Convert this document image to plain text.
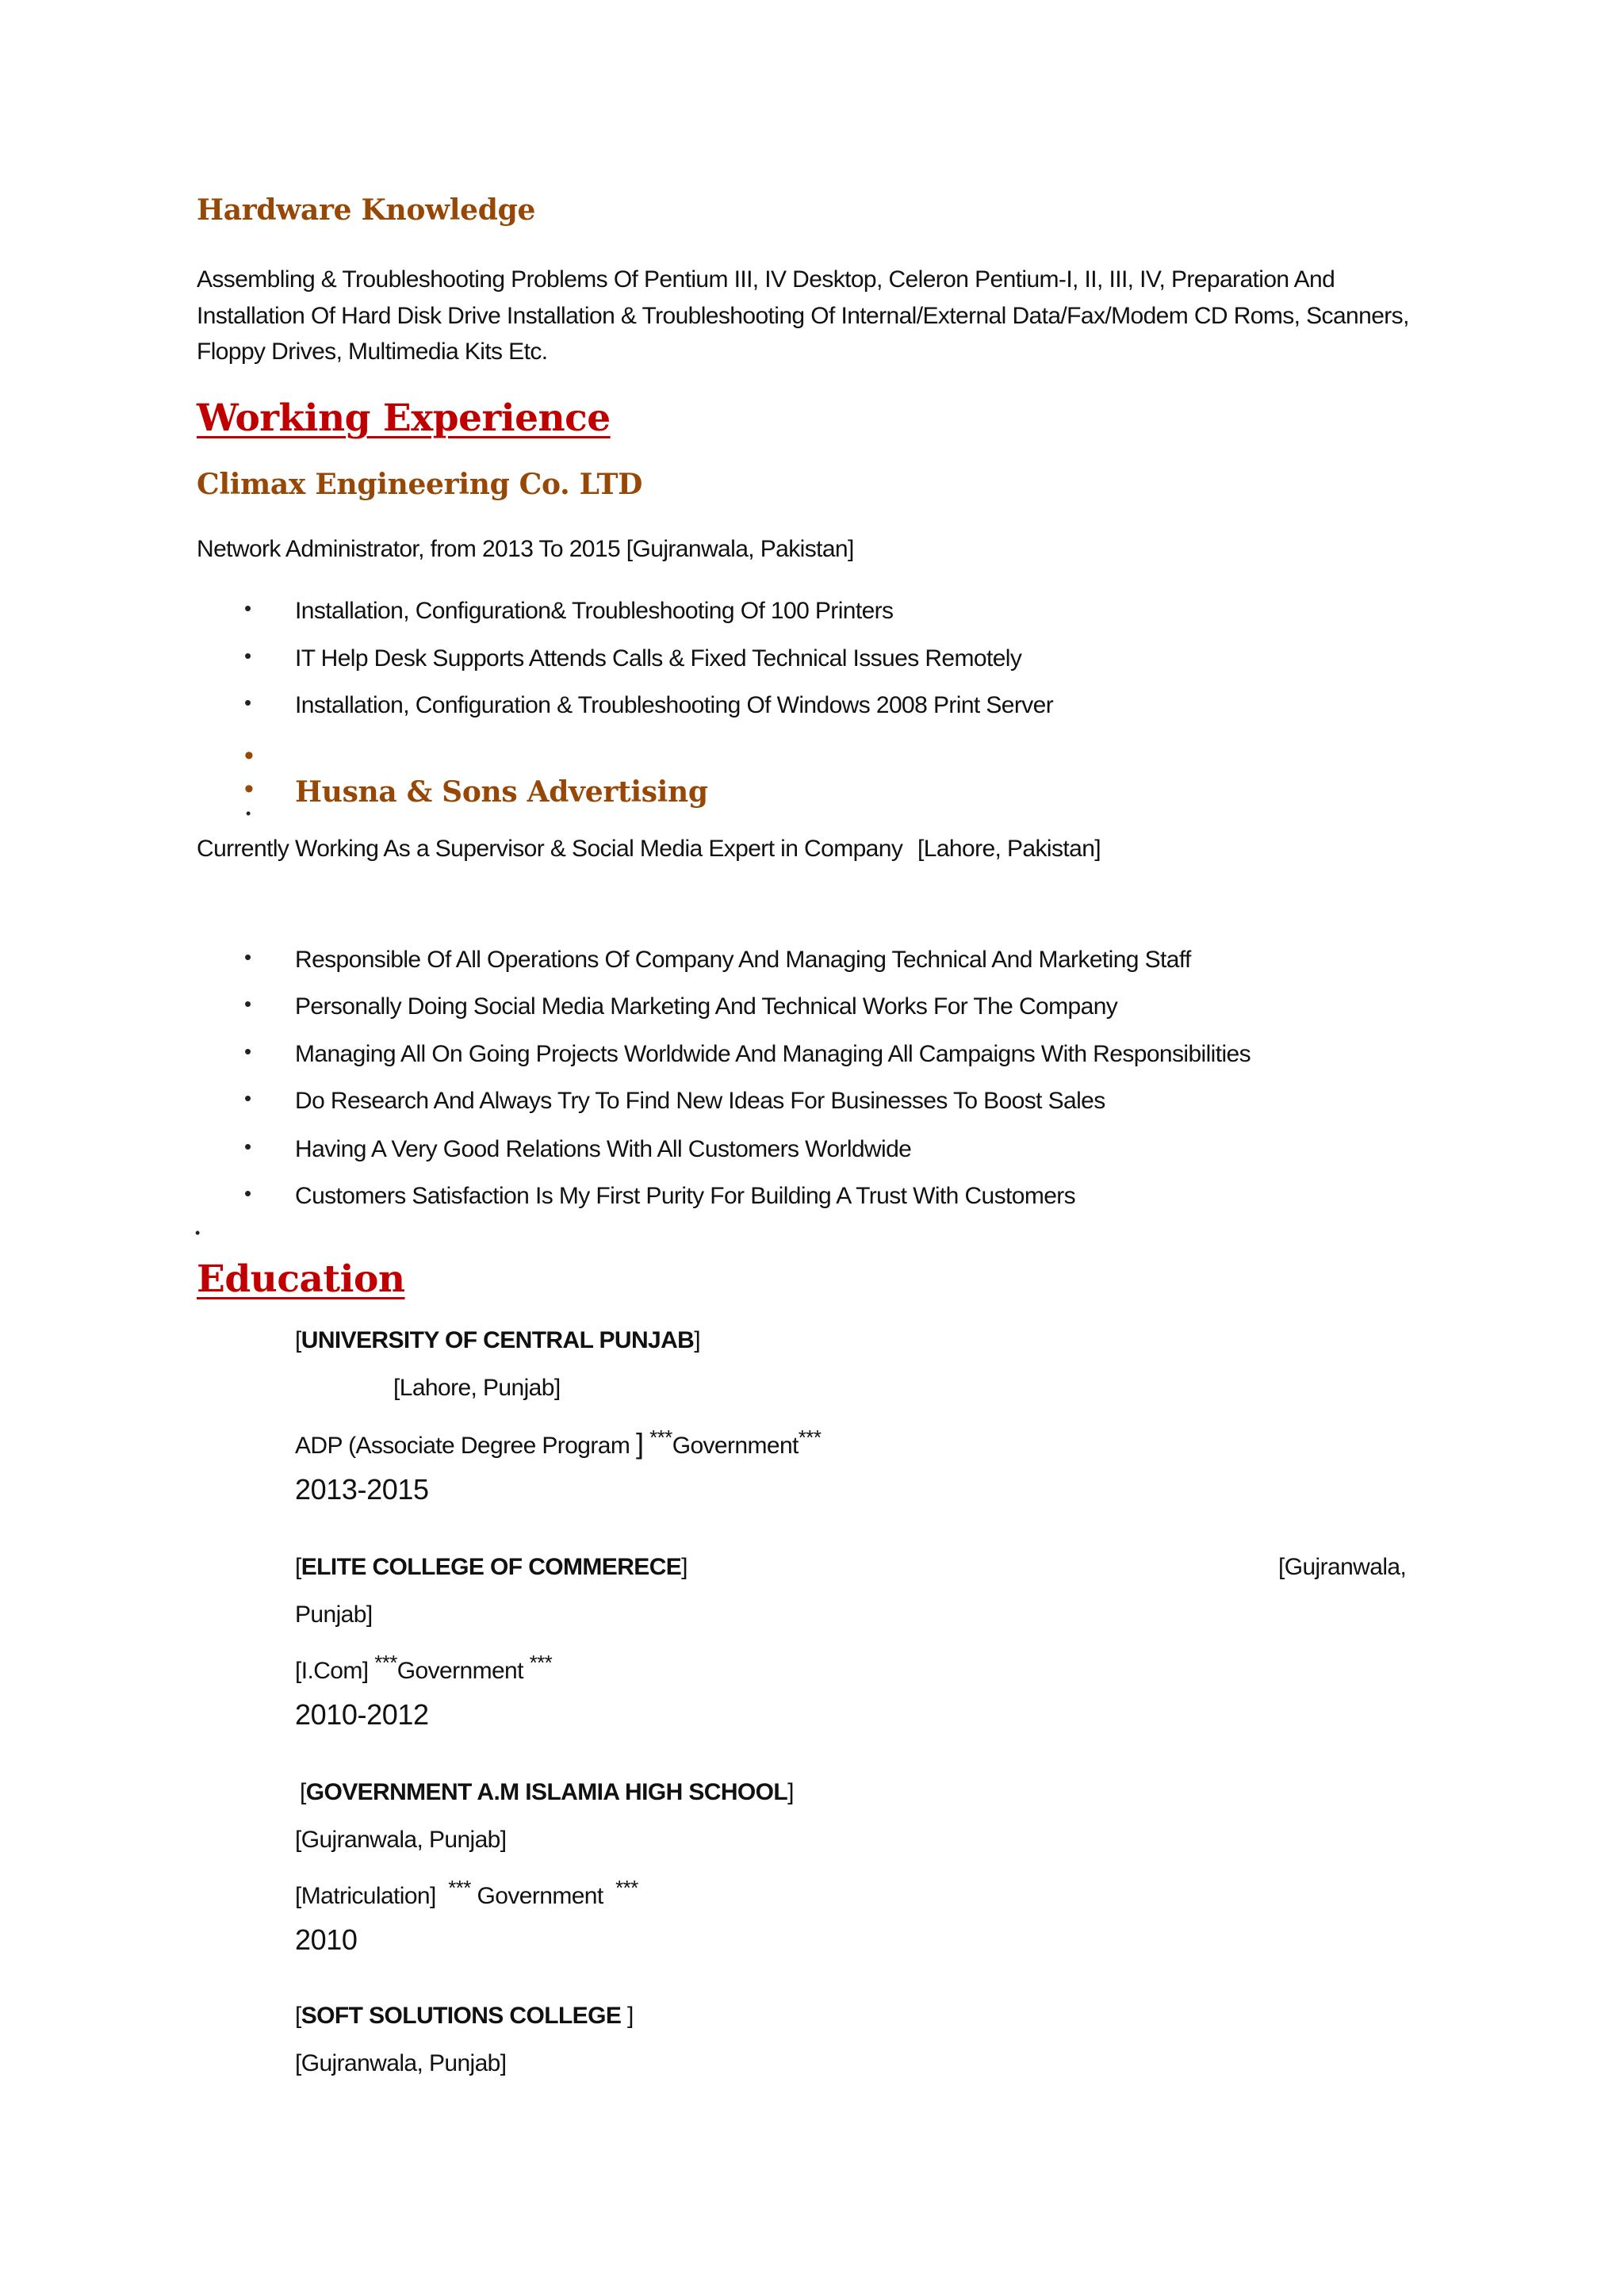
Hardware Knowledge
Assembling & Troubleshooting Problems Of Pentium III, IV Desktop, Celeron Pentium-I, II, III, IV, Preparation And
Installation Of Hard Disk Drive Installation & Troubleshooting Of Internal/External Data/Fax/Modem CD Roms, Scanners,
Floppy Drives, Multimedia Kits Etc.
Working Experience
Climax Engineering Co. LTD
Network Administrator, from 2013 To 2015 [Gujranwala, Pakistan]
• Installation, Configuration& Troubleshooting Of 100 Printers
• IT Help Desk Supports Attends Calls & Fixed Technical Issues Remotely
• Installation, Configuration & Troubleshooting Of Windows 2008 Print Server
•
• Husna & Sons Advertising
•
Currently Working As a Supervisor & Social Media Expert in Company [Lahore, Pakistan]
• Responsible Of All Operations Of Company And Managing Technical And Marketing Staff
• Personally Doing Social Media Marketing And Technical Works For The Company
• Managing All On Going Projects Worldwide And Managing All Campaigns With Responsibilities
• Do Research And Always Try To Find New Ideas For Businesses To Boost Sales
• Having A Very Good Relations With All Customers Worldwide
• Customers Satisfaction Is My First Purity For Building A Trust With Customers
•
Education
[UNIVERSITY OF CENTRAL PUNJAB]
[Lahore, Punjab]
ADP (Associate Degree Program ] ***Government***
2013-2015
[ELITE COLLEGE OF COMMERECE]	[Gujranwala,
Punjab]
[I.Com] ***Government ***
2010-2012
[GOVERNMENT A.M ISLAMIA HIGH SCHOOL]
[Gujranwala, Punjab]
[Matriculation] *** Government ***
2010
[SOFT SOLUTIONS COLLEGE ]
[Gujranwala, Punjab]
